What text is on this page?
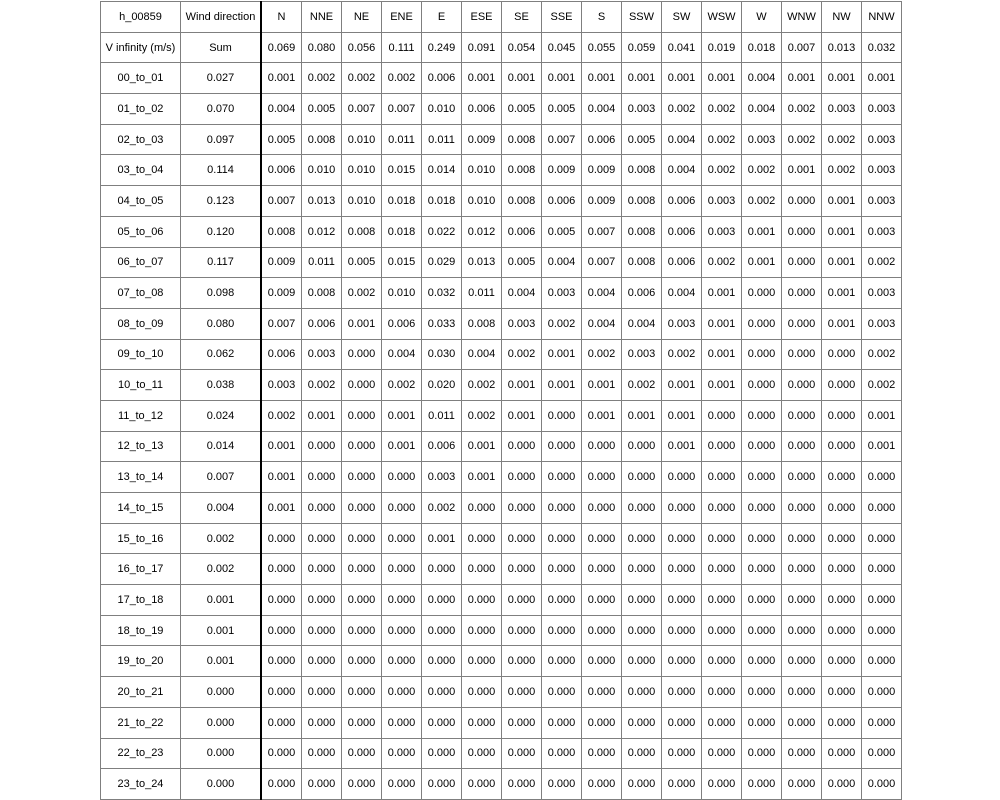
h_00859	Wind direction	N	NNE	NE	ENE	E	ESE	SE	SSE	S	SSW	SW	WSW	W	WNW	NW	NNW
V infinity (m/s)	Sum	0.069	0.080	0.056	0.111	0.249	0.091	0.054	0.045	0.055	0.059	0.041	0.019	0.018	0.007	0.013	0.032
00_to_01	0.027	0.001	0.002	0.002	0.002	0.006	0.001	0.001	0.001	0.001	0.001	0.001	0.001	0.004	0.001	0.001	0.001
01_to_02	0.070	0.004	0.005	0.007	0.007	0.010	0.006	0.005	0.005	0.004	0.003	0.002	0.002	0.004	0.002	0.003	0.003
02_to_03	0.097	0.005	0.008	0.010	0.011	0.011	0.009	0.008	0.007	0.006	0.005	0.004	0.002	0.003	0.002	0.002	0.003
03_to_04	0.114	0.006	0.010	0.010	0.015	0.014	0.010	0.008	0.009	0.009	0.008	0.004	0.002	0.002	0.001	0.002	0.003
04_to_05	0.123	0.007	0.013	0.010	0.018	0.018	0.010	0.008	0.006	0.009	0.008	0.006	0.003	0.002	0.000	0.001	0.003
05_to_06	0.120	0.008	0.012	0.008	0.018	0.022	0.012	0.006	0.005	0.007	0.008	0.006	0.003	0.001	0.000	0.001	0.003
06_to_07	0.117	0.009	0.011	0.005	0.015	0.029	0.013	0.005	0.004	0.007	0.008	0.006	0.002	0.001	0.000	0.001	0.002
07_to_08	0.098	0.009	0.008	0.002	0.010	0.032	0.011	0.004	0.003	0.004	0.006	0.004	0.001	0.000	0.000	0.001	0.003
08_to_09	0.080	0.007	0.006	0.001	0.006	0.033	0.008	0.003	0.002	0.004	0.004	0.003	0.001	0.000	0.000	0.001	0.003
09_to_10	0.062	0.006	0.003	0.000	0.004	0.030	0.004	0.002	0.001	0.002	0.003	0.002	0.001	0.000	0.000	0.000	0.002
10_to_11	0.038	0.003	0.002	0.000	0.002	0.020	0.002	0.001	0.001	0.001	0.002	0.001	0.001	0.000	0.000	0.000	0.002
11_to_12	0.024	0.002	0.001	0.000	0.001	0.011	0.002	0.001	0.000	0.001	0.001	0.001	0.000	0.000	0.000	0.000	0.001
12_to_13	0.014	0.001	0.000	0.000	0.001	0.006	0.001	0.000	0.000	0.000	0.000	0.001	0.000	0.000	0.000	0.000	0.001
13_to_14	0.007	0.001	0.000	0.000	0.000	0.003	0.001	0.000	0.000	0.000	0.000	0.000	0.000	0.000	0.000	0.000	0.000
14_to_15	0.004	0.001	0.000	0.000	0.000	0.002	0.000	0.000	0.000	0.000	0.000	0.000	0.000	0.000	0.000	0.000	0.000
15_to_16	0.002	0.000	0.000	0.000	0.000	0.001	0.000	0.000	0.000	0.000	0.000	0.000	0.000	0.000	0.000	0.000	0.000
16_to_17	0.002	0.000	0.000	0.000	0.000	0.000	0.000	0.000	0.000	0.000	0.000	0.000	0.000	0.000	0.000	0.000	0.000
17_to_18	0.001	0.000	0.000	0.000	0.000	0.000	0.000	0.000	0.000	0.000	0.000	0.000	0.000	0.000	0.000	0.000	0.000
18_to_19	0.001	0.000	0.000	0.000	0.000	0.000	0.000	0.000	0.000	0.000	0.000	0.000	0.000	0.000	0.000	0.000	0.000
19_to_20	0.001	0.000	0.000	0.000	0.000	0.000	0.000	0.000	0.000	0.000	0.000	0.000	0.000	0.000	0.000	0.000	0.000
20_to_21	0.000	0.000	0.000	0.000	0.000	0.000	0.000	0.000	0.000	0.000	0.000	0.000	0.000	0.000	0.000	0.000	0.000
21_to_22	0.000	0.000	0.000	0.000	0.000	0.000	0.000	0.000	0.000	0.000	0.000	0.000	0.000	0.000	0.000	0.000	0.000
22_to_23	0.000	0.000	0.000	0.000	0.000	0.000	0.000	0.000	0.000	0.000	0.000	0.000	0.000	0.000	0.000	0.000	0.000
23_to_24	0.000	0.000	0.000	0.000	0.000	0.000	0.000	0.000	0.000	0.000	0.000	0.000	0.000	0.000	0.000	0.000	0.000
